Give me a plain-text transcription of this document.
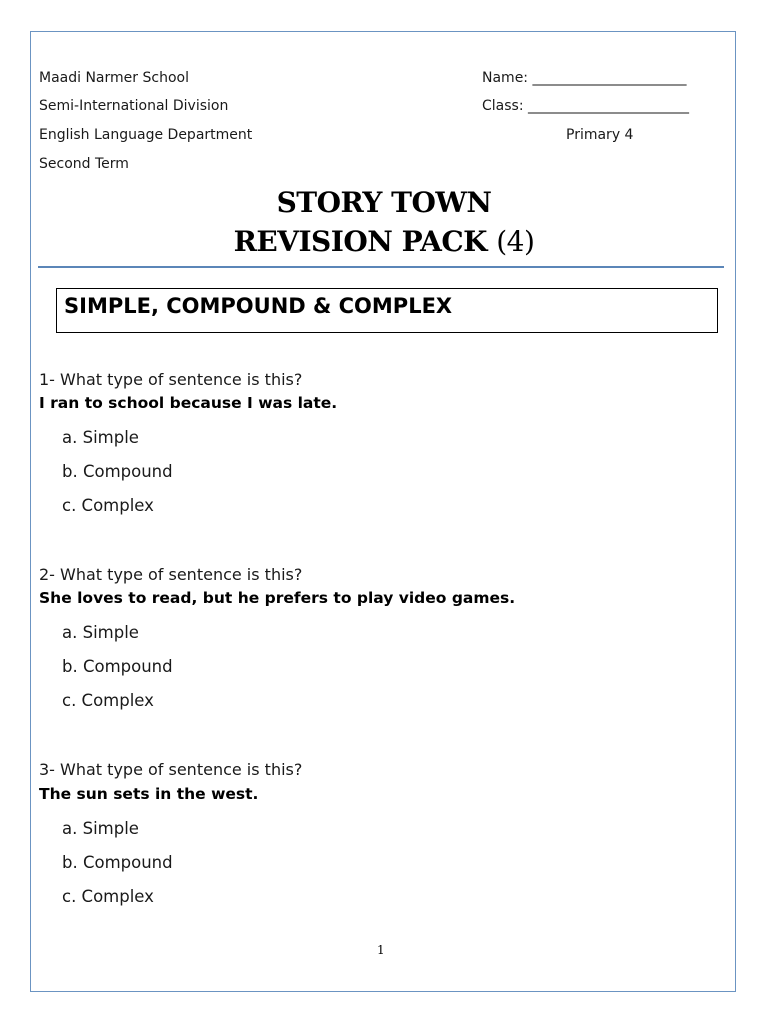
Maadi Narmer School
Semi-International Division
English Language Department
Second Term
Name: ______________________
Class: _______________________
Primary 4
STORY TOWN
REVISION PACK (4)
SIMPLE, COMPOUND & COMPLEX
1- What type of sentence is this?
I ran to school because I was late.
a. Simple
b. Compound
c. Complex
2- What type of sentence is this?
She loves to read, but he prefers to play video games.
a. Simple
b. Compound
c. Complex
3- What type of sentence is this?
The sun sets in the west.
a. Simple
b. Compound
c. Complex
1
